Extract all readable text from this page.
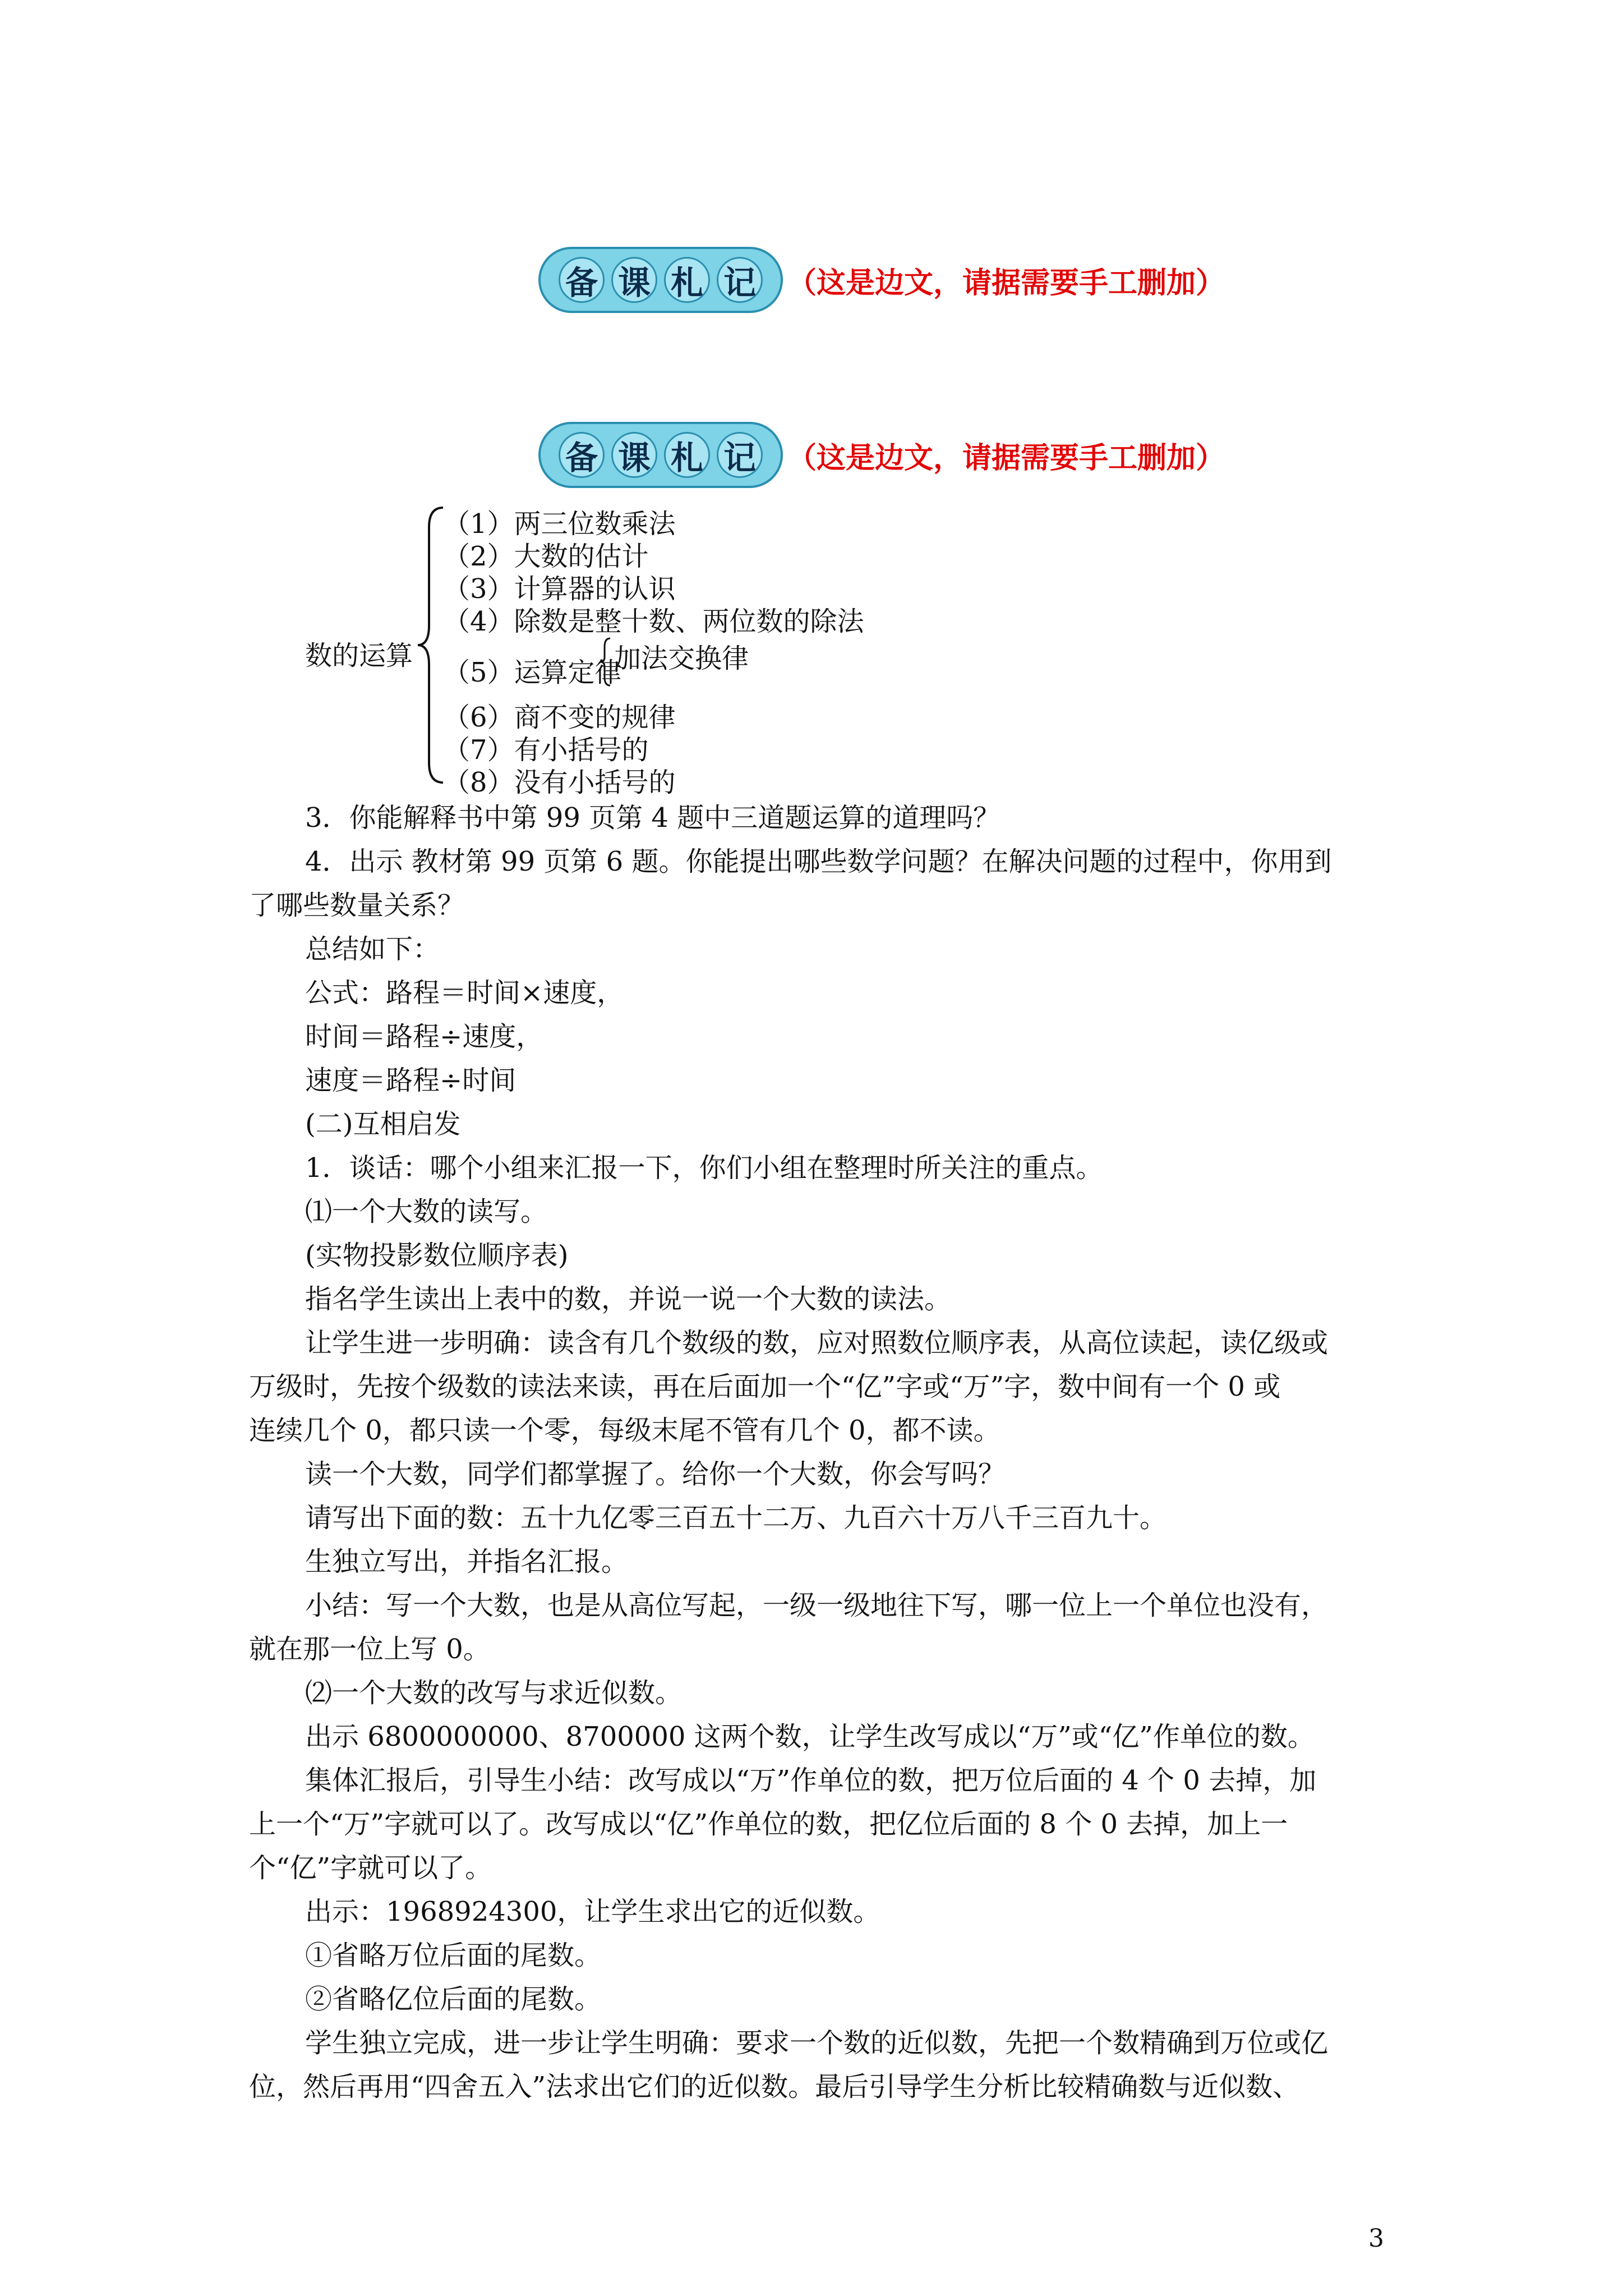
备 课 札 记 （这是边文，请据需要手工删加）
备 课 札 记 （这是边文，请据需要手工删加）
数的运算
（1）两三位数乘法
（2）大数的估计
（3）计算器的认识
（4）除数是整十数、两位数的除法
（5）运算定律
（6）商不变的规律
（7）有小括号的
（8）没有小括号的
加法交换律
3．你能解释书中第 99 页第 4 题中三道题运算的道理吗？
4．出示 教材第 99 页第 6 题。你能提出哪些数学问题？在解决问题的过程中，你用到
了哪些数量关系？
总结如下：
公式：路程＝时间×速度，
时间＝路程÷速度，
速度＝路程÷时间
(二)互相启发
1．谈话：哪个小组来汇报一下，你们小组在整理时所关注的重点。
⑴一个大数的读写。
(实物投影数位顺序表)
指名学生读出上表中的数，并说一说一个大数的读法。
让学生进一步明确：读含有几个数级的数，应对照数位顺序表，从高位读起，读亿级或
万级时，先按个级数的读法来读，再在后面加一个“亿”字或“万”字，数中间有一个 0 或
连续几个 0，都只读一个零，每级末尾不管有几个 0，都不读。
读一个大数，同学们都掌握了。给你一个大数，你会写吗？
请写出下面的数：五十九亿零三百五十二万、九百六十万八千三百九十。
生独立写出，并指名汇报。
小结：写一个大数，也是从高位写起，一级一级地往下写，哪一位上一个单位也没有，
就在那一位上写 0。
⑵一个大数的改写与求近似数。
出示 6800000000、8700000 这两个数，让学生改写成以“万”或“亿”作单位的数。
集体汇报后，引导生小结：改写成以“万”作单位的数，把万位后面的 4 个 0 去掉，加
上一个“万”字就可以了。改写成以“亿”作单位的数，把亿位后面的 8 个 0 去掉，加上一
个“亿”字就可以了。
出示：1968924300，让学生求出它的近似数。
①省略万位后面的尾数。
②省略亿位后面的尾数。
学生独立完成，进一步让学生明确：要求一个数的近似数，先把一个数精确到万位或亿
位，然后再用“四舍五入”法求出它们的近似数。最后引导学生分析比较精确数与近似数、
3
